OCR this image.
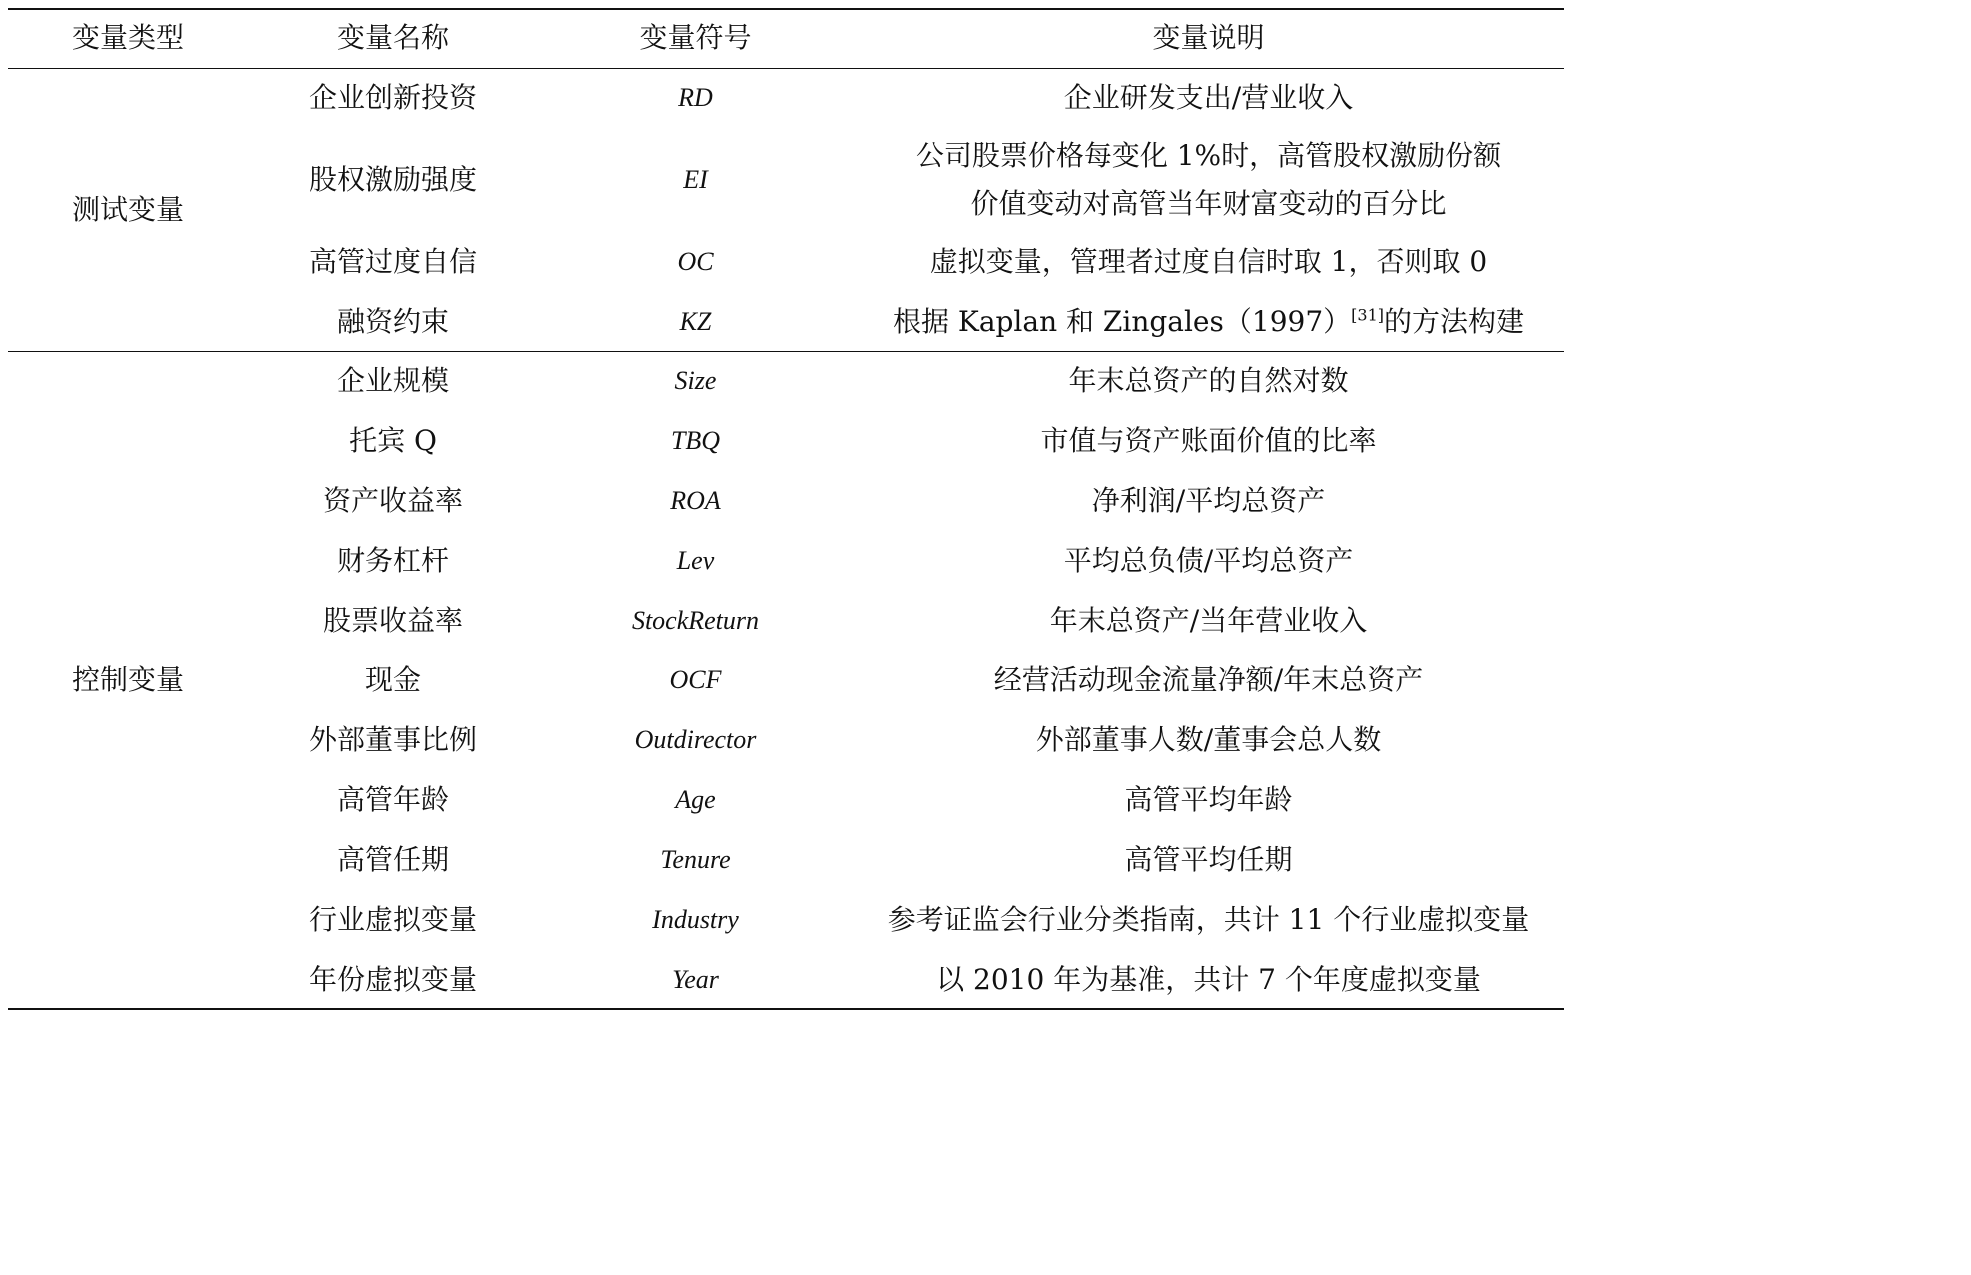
变量类型	变量名称	变量符号	变量说明
测试变量
企业创新投资	RD	企业研发支出/营业收入
股权激励强度	EI
公司股票价格每变化 1%时，高管股权激励份额
价值变动对高管当年财富变动的百分比
高管过度自信	OC	虚拟变量，管理者过度自信时取 1，否则取 0
融资约束	KZ	根据 Kaplan 和 Zingales（1997）[31]的方法构建
控制变量
企业规模	Size	年末总资产的自然对数
托宾 Q	TBQ	市值与资产账面价值的比率
资产收益率	ROA	净利润/平均总资产
财务杠杆	Lev	平均总负债/平均总资产
股票收益率	StockReturn	年末总资产/当年营业收入
现金	OCF	经营活动现金流量净额/年末总资产
外部董事比例	Outdirector	外部董事人数/董事会总人数
高管年龄	Age	高管平均年龄
高管任期	Tenure	高管平均任期
行业虚拟变量	Industry	参考证监会行业分类指南，共计 11 个行业虚拟变量
年份虚拟变量	Year	以 2010 年为基准，共计 7 个年度虚拟变量
